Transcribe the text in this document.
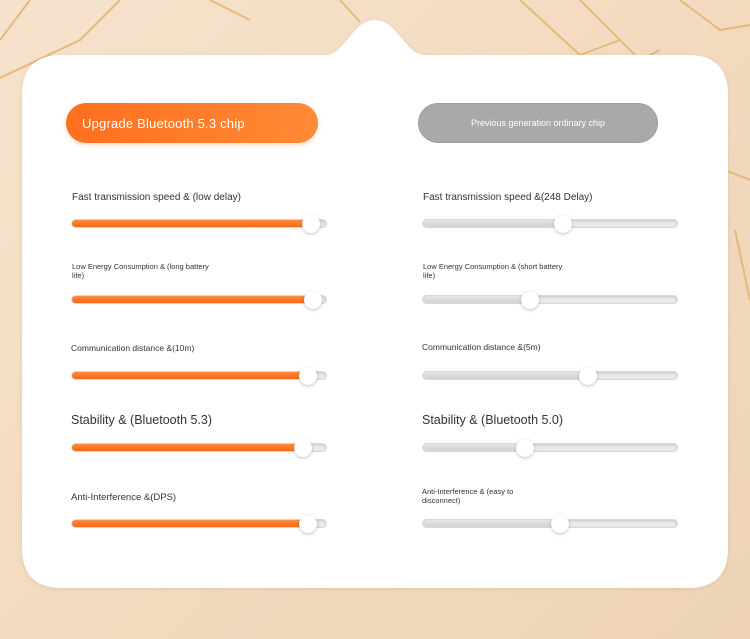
Upgrade Bluetooth 5.3 chip	Previous generation ordinary chip
Fast transmission speed & (low delay)
Low Energy Consumption & (long battery life)
Communication distance &(10m)
Stability & (Bluetooth 5.3)
Anti-Interference &(DPS)
Fast transmission speed &(248 Delay)
Low Energy Consumption & (short battery life)
Communication distance &(5m)
Stability & (Bluetooth 5.0)
Anti-Interference & (easy to disconnect)
